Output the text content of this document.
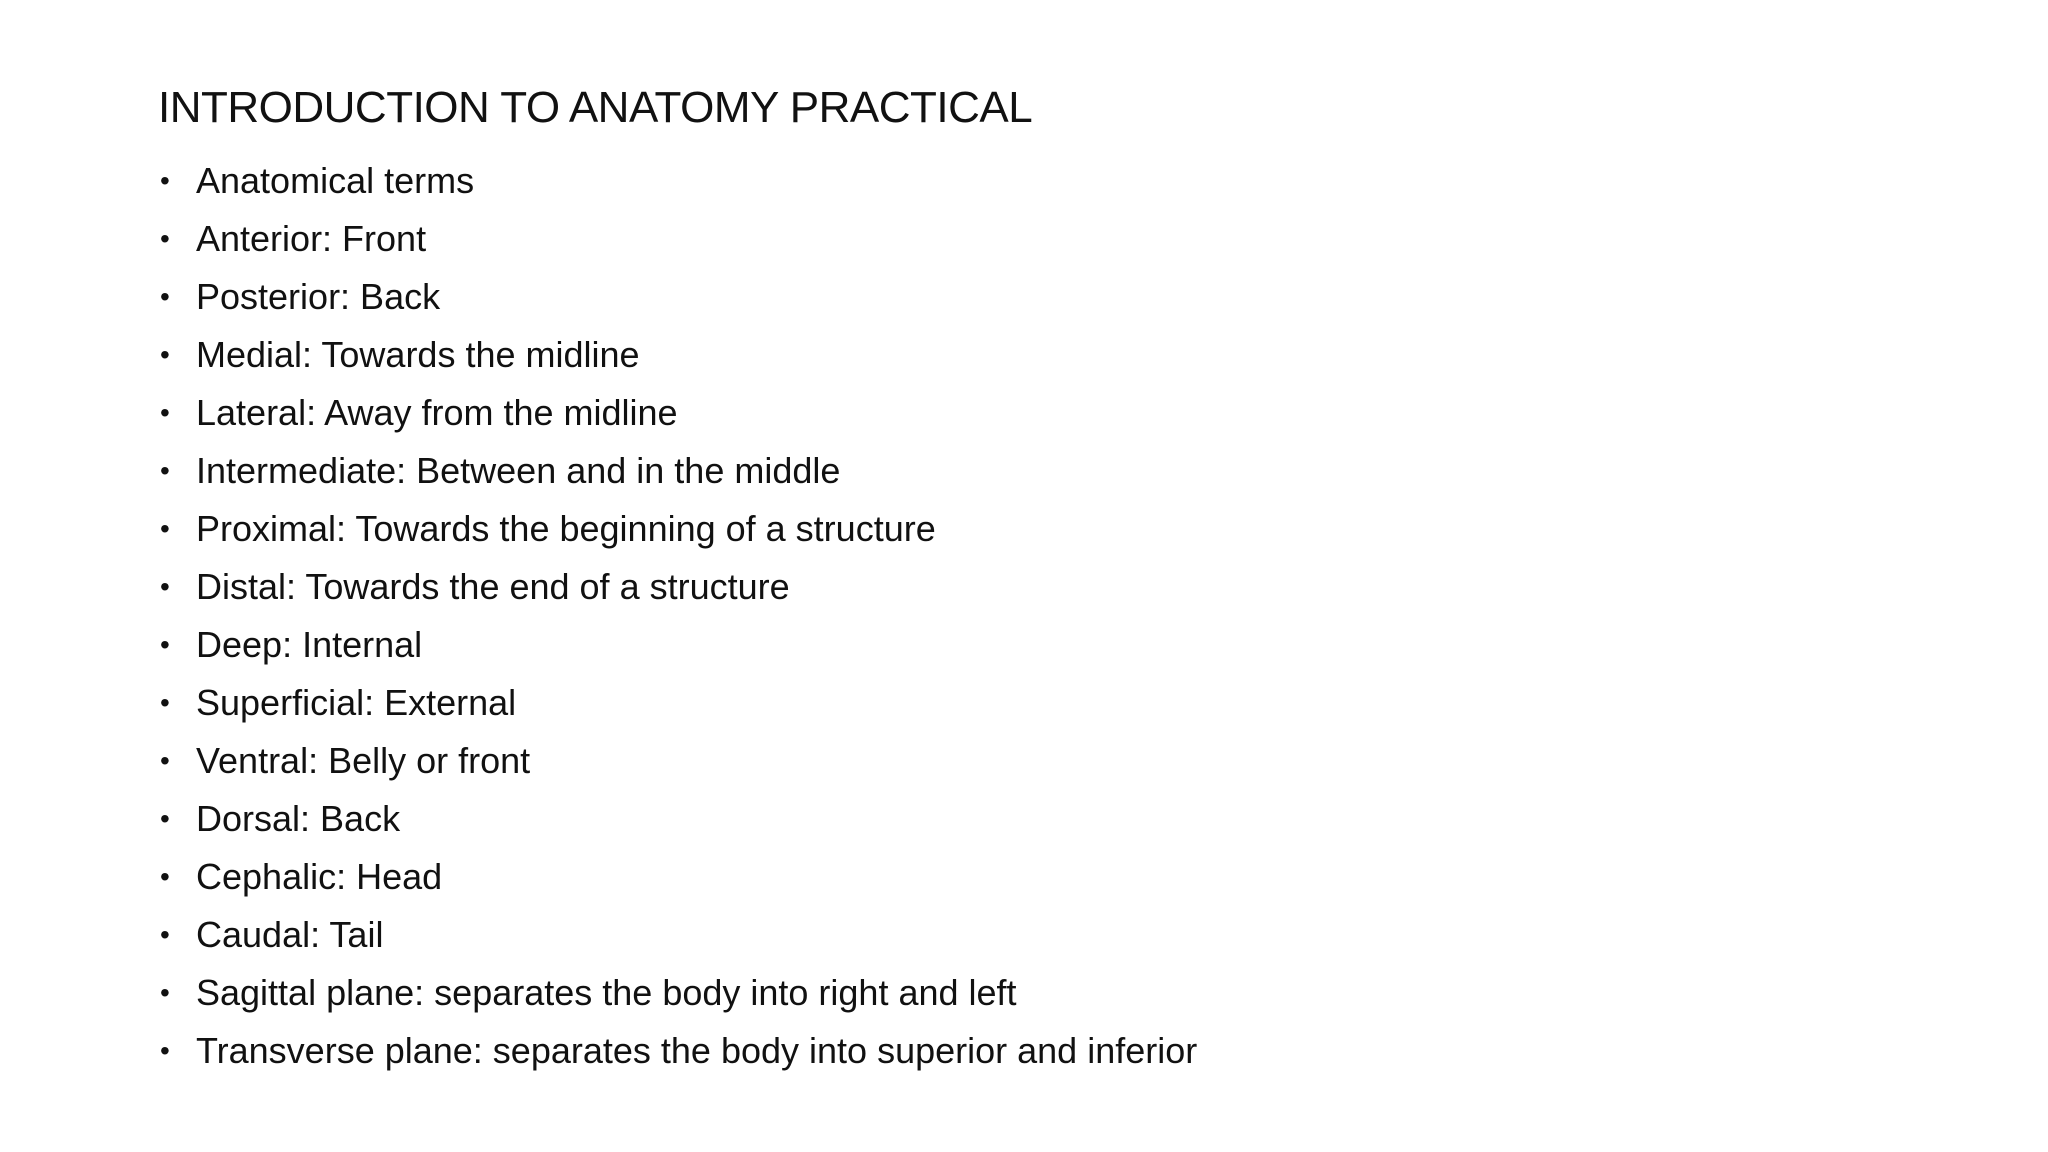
INTRODUCTION TO ANATOMY PRACTICAL
• Anatomical terms
• Anterior: Front
• Posterior: Back
• Medial: Towards the midline
• Lateral: Away from the midline
• Intermediate: Between and in the middle
• Proximal: Towards the beginning of a structure
• Distal: Towards the end of a structure
• Deep: Internal
• Superficial: External
• Ventral: Belly or front
• Dorsal: Back
• Cephalic: Head
• Caudal: Tail
• Sagittal plane: separates the body into right and left
• Transverse plane: separates the body into superior and inferior
